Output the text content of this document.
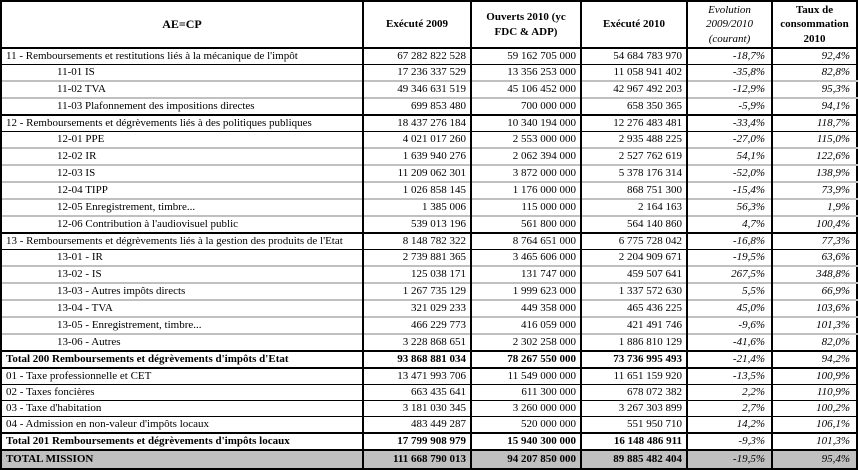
AE=CP	Exécuté 2009	Ouverts 2010 (yc FDC & ADP)	Exécuté 2010	Evolution 2009/2010 (courant)	Taux de consommation 2010
11 - Remboursements et restitutions liés à la mécanique de l'impôt	67 282 822 528	59 162 705 000	54 684 783 970	-18,7%	92,4%
11-01 IS	17 236 337 529	13 356 253 000	11 058 941 402	-35,8%	82,8%
11-02 TVA	49 346 631 519	45 106 452 000	42 967 492 203	-12,9%	95,3%
11-03 Plafonnement des impositions directes	699 853 480	700 000 000	658 350 365	-5,9%	94,1%
12 - Remboursements et dégrèvements liés à des politiques publiques	18 437 276 184	10 340 194 000	12 276 483 481	-33,4%	118,7%
12-01 PPE	4 021 017 260	2 553 000 000	2 935 488 225	-27,0%	115,0%
12-02 IR	1 639 940 276	2 062 394 000	2 527 762 619	54,1%	122,6%
12-03 IS	11 209 062 301	3 872 000 000	5 378 176 314	-52,0%	138,9%
12-04 TIPP	1 026 858 145	1 176 000 000	868 751 300	-15,4%	73,9%
12-05 Enregistrement, timbre...	1 385 006	115 000 000	2 164 163	56,3%	1,9%
12-06 Contribution à l'audiovisuel public	539 013 196	561 800 000	564 140 860	4,7%	100,4%
13 - Remboursements et dégrèvements liés à la gestion des produits de l'Etat	8 148 782 322	8 764 651 000	6 775 728 042	-16,8%	77,3%
13-01 - IR	2 739 881 365	3 465 606 000	2 204 909 671	-19,5%	63,6%
13-02 - IS	125 038 171	131 747 000	459 507 641	267,5%	348,8%
13-03 - Autres impôts directs	1 267 735 129	1 999 623 000	1 337 572 630	5,5%	66,9%
13-04 - TVA	321 029 233	449 358 000	465 436 225	45,0%	103,6%
13-05 - Enregistrement, timbre...	466 229 773	416 059 000	421 491 746	-9,6%	101,3%
13-06 - Autres	3 228 868 651	2 302 258 000	1 886 810 129	-41,6%	82,0%
Total 200 Remboursements et dégrèvements d'impôts d'Etat	93 868 881 034	78 267 550 000	73 736 995 493	-21,4%	94,2%
01 - Taxe professionnelle et CET	13 471 993 706	11 549 000 000	11 651 159 920	-13,5%	100,9%
02 - Taxes foncières	663 435 641	611 300 000	678 072 382	2,2%	110,9%
03 - Taxe d'habitation	3 181 030 345	3 260 000 000	3 267 303 899	2,7%	100,2%
04 - Admission en non-valeur d'impôts locaux	483 449 287	520 000 000	551 950 710	14,2%	106,1%
Total 201 Remboursements et dégrèvements d'impôts locaux	17 799 908 979	15 940 300 000	16 148 486 911	-9,3%	101,3%
TOTAL MISSION	111 668 790 013	94 207 850 000	89 885 482 404	-19,5%	95,4%
